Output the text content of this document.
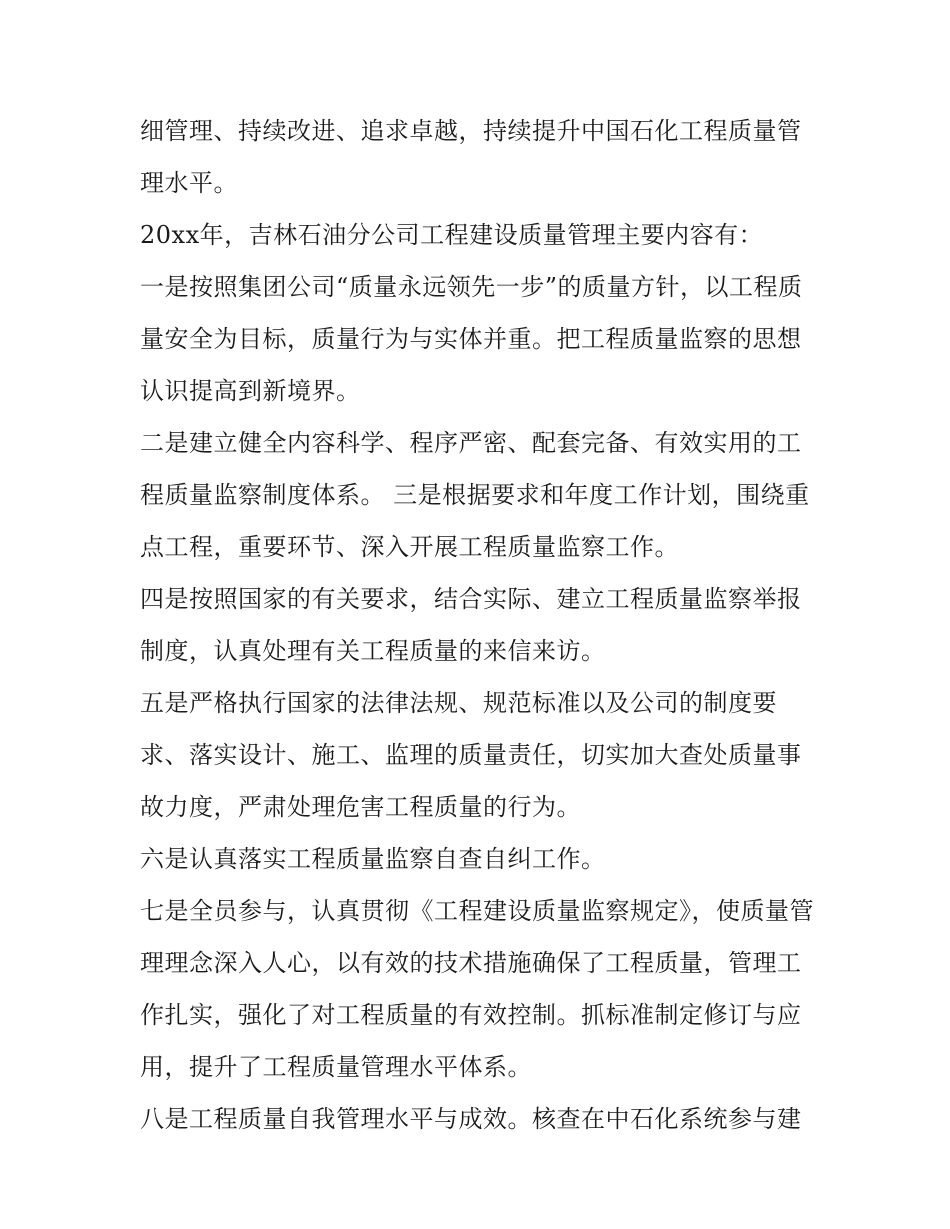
细管理、持续改进、追求卓越，持续提升中国石化工程质量管理水平。

20xx年，吉林石油分公司工程建设质量管理主要内容有：

一是按照集团公司“质量永远领先一步”的质量方针，以工程质量安全为目标，质量行为与实体并重。把工程质量监察的思想认识提高到新境界。

二是建立健全内容科学、程序严密、配套完备、有效实用的工程质量监察制度体系。 三是根据要求和年度工作计划，围绕重点工程，重要环节、深入开展工程质量监察工作。

四是按照国家的有关要求，结合实际、建立工程质量监察举报制度，认真处理有关工程质量的来信来访。

五是严格执行国家的法律法规、规范标准以及公司的制度要求、落实设计、施工、监理的质量责任，切实加大查处质量事故力度，严肃处理危害工程质量的行为。

六是认真落实工程质量监察自查自纠工作。

七是全员参与，认真贯彻《工程建设质量监察规定》，使质量管理理念深入人心，以有效的技术措施确保了工程质量，管理工作扎实，强化了对工程质量的有效控制。抓标准制定修订与应用，提升了工程质量管理水平体系。

八是工程质量自我管理水平与成效。核查在中石化系统参与建
